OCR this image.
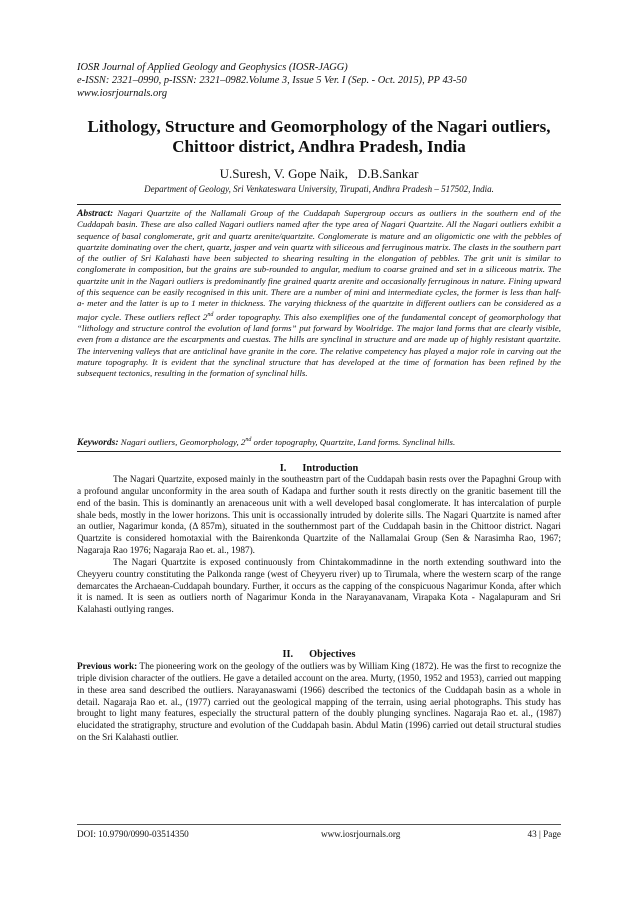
IOSR Journal of Applied Geology and Geophysics (IOSR-JAGG)
e-ISSN: 2321–0990, p-ISSN: 2321–0982.Volume 3, Issue 5 Ver. I (Sep. - Oct. 2015), PP 43-50
www.iosrjournals.org
Lithology, Structure and Geomorphology of the Nagari outliers,
Chittoor district, Andhra Pradesh, India
U.Suresh, V. Gope Naik,   D.B.Sankar
Department of Geology, Sri Venkateswara University, Tirupati, Andhra Pradesh – 517502, India.
Abstract: Nagari Quartzite of the Nallamali Group of the Cuddapah Supergroup occurs as outliers in the southern end of the Cuddapah basin. These are also called Nagari outliers named after the type area of Nagari Quartzite. All the Nagari outliers exhibit a sequence of basal conglomerate, grit and quartz arenite/quartzite. Conglomerate is mature and an oligomictic one with the pebbles of quartzite dominating over the chert, quartz, jasper and vein quartz with siliceous and ferruginous matrix. The clasts in the southern part of the outlier of Sri Kalahasti have been subjected to shearing resulting in the elongation of pebbles. The grit unit is similar to conglomerate in composition, but the grains are sub-rounded to angular, medium to coarse grained and set in a siliceous matrix. The quartzite unit in the Nagari outliers is predominantly fine grained quartz arenite and occasionally ferruginous in nature. Fining upward of this sequence can be easily recognised in this unit. There are a number of mini and intermediate cycles, the former is less than half- a- meter and the latter is up to 1 meter in thickness. The varying thickness of the quartzite in different outliers can be considered as a major cycle. These outliers reflect 2nd order topography. This also exemplifies one of the fundamental concept of geomorphology that “lithology and structure control the evolution of land forms” put forward by Woolridge. The major land forms that are clearly visible, even from a distance are the escarpments and cuestas. The hills are synclinal in structure and are made up of highly resistant quartzite. The intervening valleys that are anticlinal have granite in the core. The relative competency has played a major role in carving out the mature topography. It is evident that the synclinal structure that has developed at the time of formation has been refined by the subsequent tectonics, resulting in the formation of synclinal hills.
Keywords: Nagari outliers, Geomorphology, 2nd order topography, Quartzite, Land forms. Synclinal hills.
I. Introduction

The Nagari Quartzite, exposed mainly in the southeastrn part of the Cuddapah basin rests over the Papaghni Group with a profound angular unconformity in the area south of Kadapa and further south it rests directly on the granitic basement till the end of the basin. This is dominantly an arenaceous unit with a well developed basal conglomerate. It has intercalation of purple shale beds, mostly in the lower horizons. This unit is occassionally intruded by dolerite sills. The Nagari Quartzite is named after an outlier, Nagarimur konda, (Δ 857m), situated in the southernmost part of the Cuddapah basin in the Chittoor district. Nagari Quartzite is considered homotaxial with the Bairenkonda Quartzite of the Nallamalai Group (Sen & Narasimha Rao, 1967; Nagaraja Rao 1976; Nagaraja Rao et. al., 1987).

The Nagari Quartzite is exposed continuously from Chintakommadinne in the north extending southward into the Cheyyeru country constituting the Palkonda range (west of Cheyyeru river) up to Tirumala, where the western scarp of the range demarcates the Archaean-Cuddapah boundary. Further, it occurs as the capping of the conspicuous Nagarimur Konda, after which it is named. It is seen as outliers north of Nagarimur Konda in the Narayanavanam, Virapaka Kota - Nagalapuram and Sri Kalahasti outlying ranges.

II. Objectives

Previous work: The pioneering work on the geology of the outliers was by William King (1872). He was the first to recognize the triple division character of the outliers. He gave a detailed account on the area. Murty, (1950, 1952 and 1953), carried out mapping in these area sand described the outliers. Narayanaswami (1966) described the tectonics of the Cuddapah basin as a whole in detail. Nagaraja Rao et. al., (1977) carried out the geological mapping of the terrain, using aerial photographs. This study has brought to light many features, especially the structural pattern of the doubly plunging synclines. Nagaraja Rao et. al., (1987) elucidated the stratigraphy, structure and evolution of the Cuddapah basin. Abdul Matin (1996) carried out detail structural studies on the Sri Kalahasti outlier.

DOI: 10.9790/0990-03514350	www.iosrjournals.org	43 | Page
